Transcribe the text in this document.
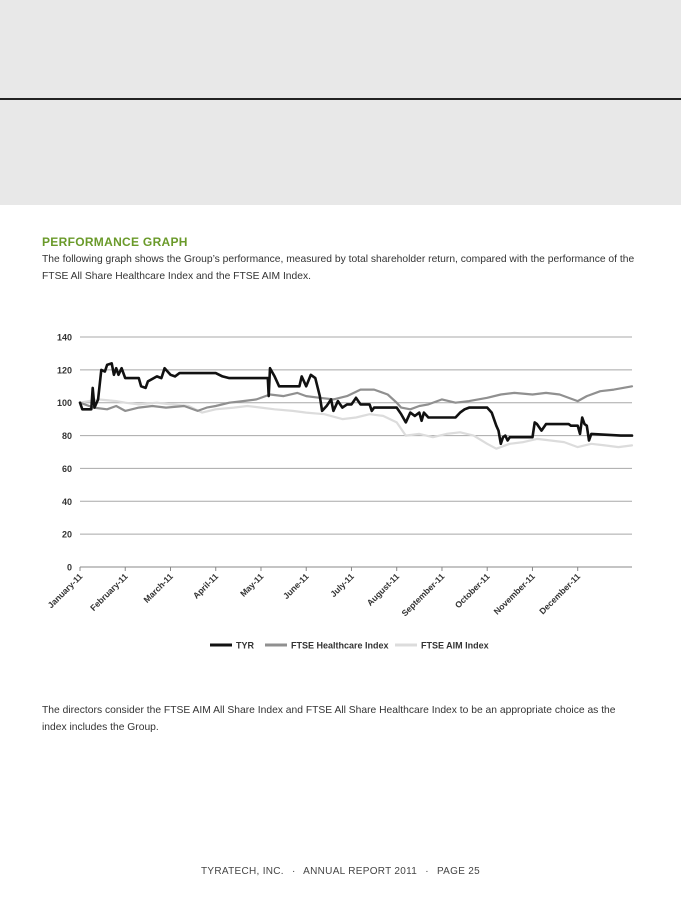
PERFORMANCE GRAPH
The following graph shows the Group’s performance, measured by total shareholder return, compared with the performance of the FTSE All Share Healthcare Index and the FTSE AIM Index.
0
20
40
60
80
100
120
140
January-11 February-11 March-11 April-11 May-11 June-11 July-11 August-11
September-11 October-11 November-11 December-11
TYR	FTSE Healthcare Index	FTSE AIM Index
The directors consider the FTSE AIM All Share Index and FTSE All Share Healthcare Index to be an appropriate choice as the index includes the Group.
TYRATECH, INC. · ANNUAL REPORT 2011 · PAGE 25
